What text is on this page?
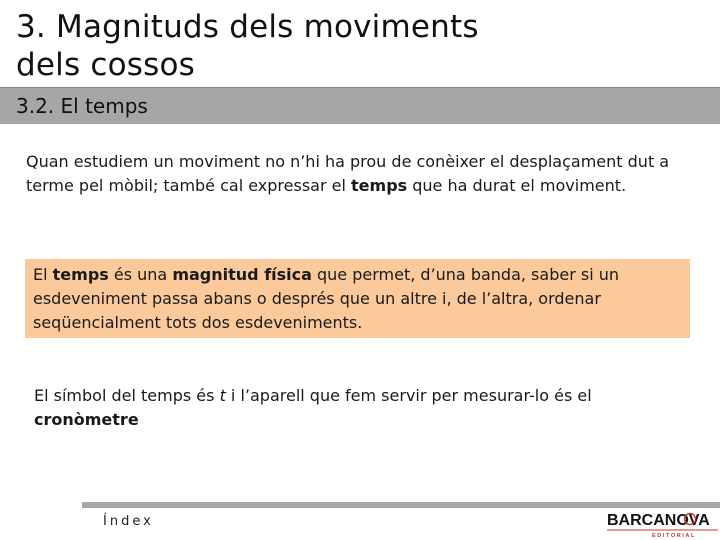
3. Magnituds dels moviments
dels cossos
3.2. El temps

Quan estudiem un moviment no n’hi ha prou de conèixer el desplaçament dut a terme pel mòbil; també cal expressar el temps que ha durat el moviment.

El temps és una magnitud física que permet, d’una banda, saber si un esdeveniment passa abans o després que un altre i, de l’altra, ordenar seqüencialment tots dos esdeveniments.

El símbol del temps és t i l’aparell que fem servir per mesurar-lo és el cronòmetre

Índex	BARCANOVA
EDITORIAL
